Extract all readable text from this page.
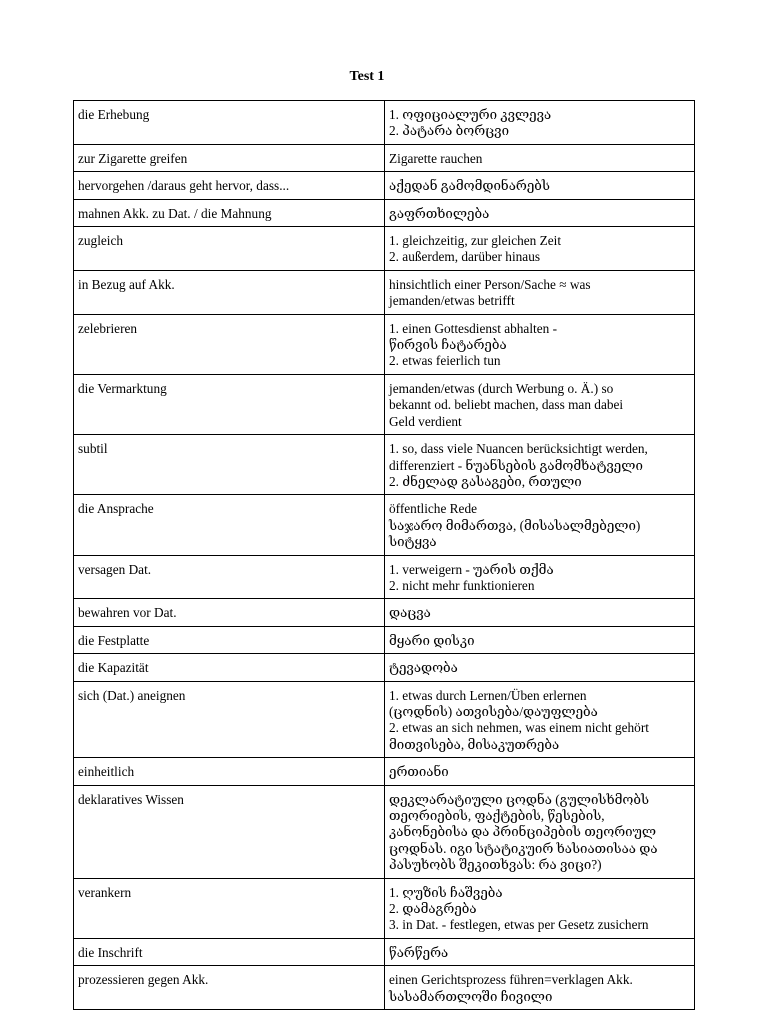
Test 1
die Erhebung	1. ოფიციალური კვლევა
2. პატარა ბორცვი

zur Zigarette greifen	Zigarette rauchen

hervorgehen /daraus geht hervor, dass...	აქედან გამომდინარებს

mahnen Akk. zu Dat. / die Mahnung	გაფრთხილება

zugleich	1. gleichzeitig, zur gleichen Zeit
2. außerdem, darüber hinaus

in Bezug auf Akk.	hinsichtlich einer Person/Sache ≈ was
jemanden/etwas betrifft

zelebrieren	1. einen Gottesdienst abhalten -
წირვის ჩატარება
2. etwas feierlich tun

die Vermarktung	jemanden/etwas (durch Werbung o. Ä.) so
bekannt od. beliebt machen, dass man dabei
Geld verdient

subtil	1. so, dass viele Nuancen berücksichtigt werden,
differenziert - ნუანსების გამომხატველი
2. ძნელად გასაგები, რთული

die Ansprache	öffentliche Rede
საჯარო მიმართვა, (მისასალმებელი)
სიტყვა

versagen Dat.	1. verweigern - უარის თქმა
2. nicht mehr funktionieren

bewahren vor Dat.	დაცვა

die Festplatte	მყარი დისკი

die Kapazität	ტევადობა

sich (Dat.) aneignen	1. etwas durch Lernen/Üben erlernen
(ცოდნის) ათვისება/დაუფლება
2. etwas an sich nehmen, was einem nicht gehört
მითვისება, მისაკუთრება

einheitlich	ერთიანი

deklaratives Wissen	დეკლარატიული ცოდნა (გულისხმობს
თეორიების, ფაქტების, წესების,
კანონებისა და პრინციპების თეორიულ
ცოდნას. იგი სტატიკუირ ხასიათისაა და
პასუხობს შეკითხვას: რა ვიცი?)

verankern	1. ღუზის ჩაშვება
2. დამაგრება
3. in Dat. - festlegen, etwas per Gesetz zusichern

die Inschrift	წარწერა

prozessieren gegen Akk.	einen Gerichtsprozess führen=verklagen Akk.
სასამართლოში ჩივილი
